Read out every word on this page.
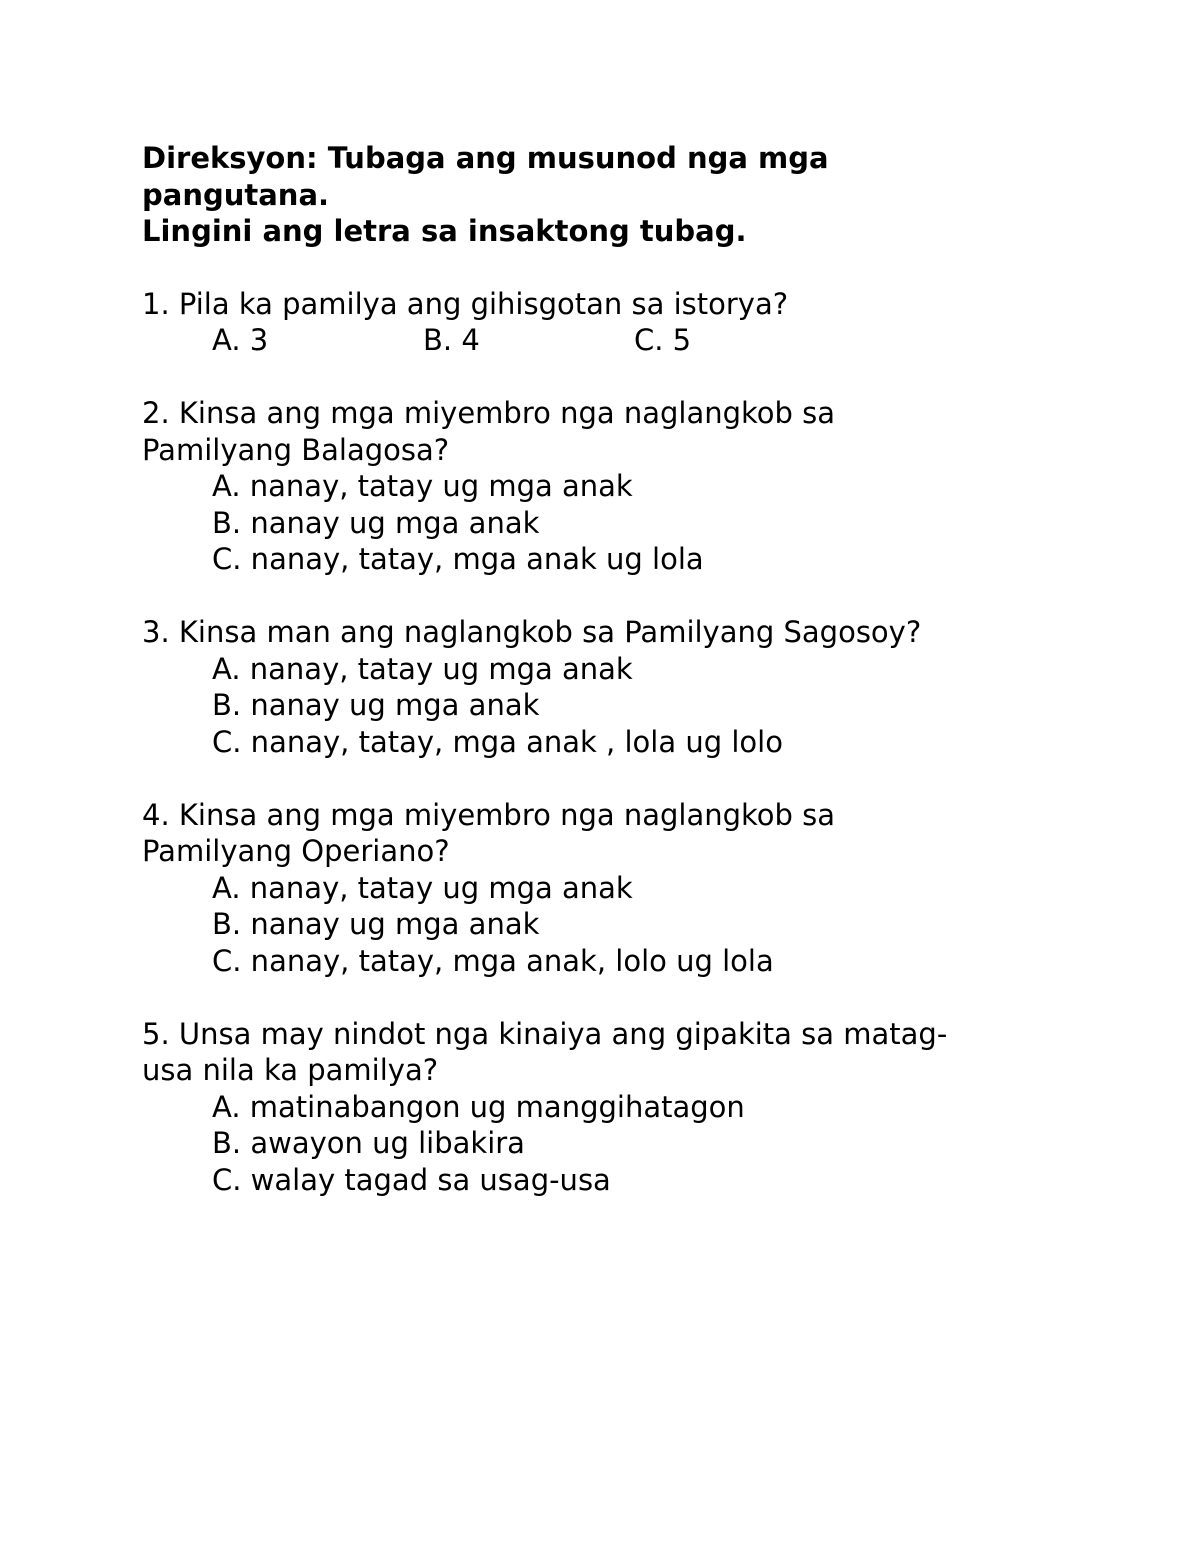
Direksyon: Tubaga ang musunod nga mga
pangutana.
Lingini ang letra sa insaktong tubag.
1. Pila ka pamilya ang gihisgotan sa istorya?
A. 3	B. 4	C. 5
2. Kinsa ang mga miyembro nga naglangkob sa
Pamilyang Balagosa?
A. nanay, tatay ug mga anak
B. nanay ug mga anak
C. nanay, tatay, mga anak ug lola
3. Kinsa man ang naglangkob sa Pamilyang Sagosoy?
A. nanay, tatay ug mga anak
B. nanay ug mga anak
C. nanay, tatay, mga anak , lola ug lolo
4. Kinsa ang mga miyembro nga naglangkob sa
Pamilyang Operiano?
A. nanay, tatay ug mga anak
B. nanay ug mga anak
C. nanay, tatay, mga anak, lolo ug lola
5. Unsa may nindot nga kinaiya ang gipakita sa matag-
usa nila ka pamilya?
A. matinabangon ug manggihatagon
B. awayon ug libakira
C. walay tagad sa usag-usa
